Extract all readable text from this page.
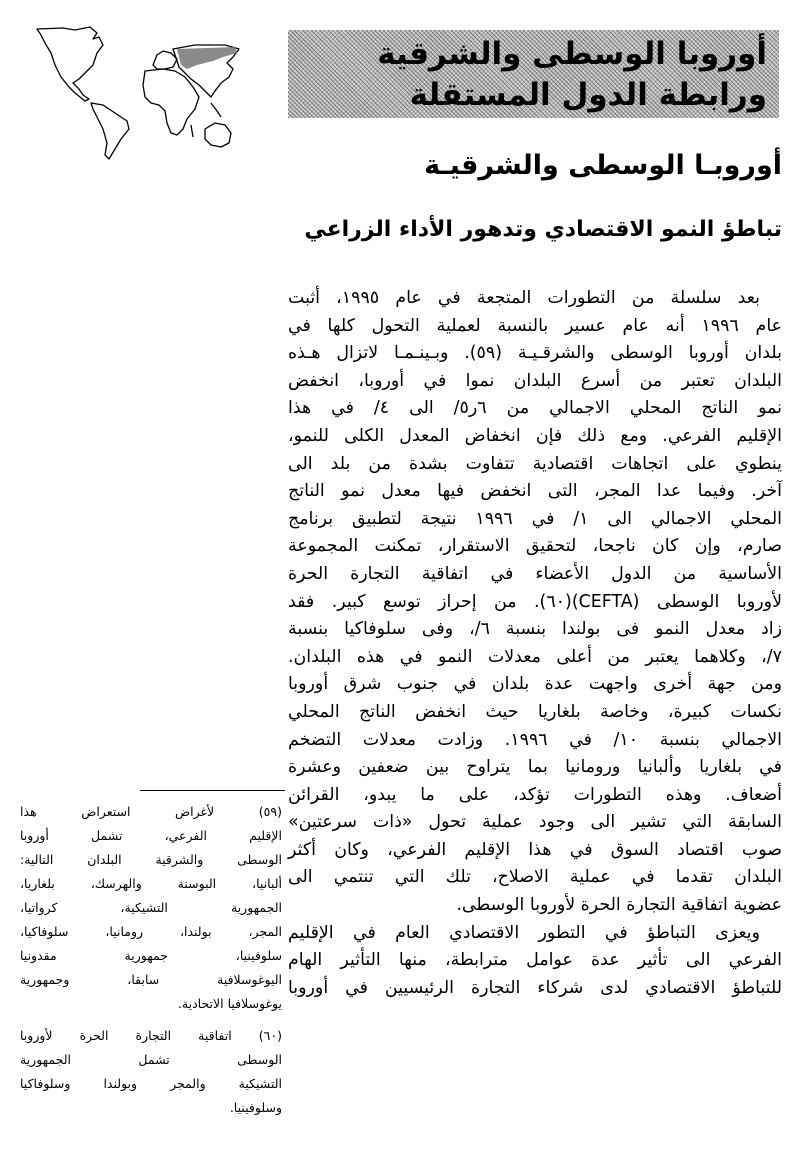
أوروبا الوسطى والشرقية
ورابطة الدول المستقلة
أوروبـا الوسطى والشرقيـة
تباطؤ النمو الاقتصادي وتدهور الأداء الزراعي
بعد سلسلة من التطورات المتجعة في عام ١٩٩٥، أثبت
عام ١٩٩٦ أنه عام عسير بالنسبة لعملية التحول كلها في
بلدان أوروبا الوسطى والشرقـيـة (٥٩). وبـينـمـا لاتزال هـذه
البلدان تعتبر من أسرع البلدان نموا في أوروبا، انخفض
نمو الناتج المحلي الاجمالي من ٦ر٥/ الى ٤/ في هذا
الإقليم الفرعي. ومع ذلك فإن انخفاض المعدل الكلى للنمو،
ينطوي على اتجاهات اقتصادية تتفاوت بشدة من بلد الى
آخر. وفيما عدا المجر، التى انخفض فيها معدل نمو الناتج
المحلي الاجمالي الى ١/ في ١٩٩٦ نتيجة لتطبيق برنامج
صارم، وإن كان ناجحا، لتحقيق الاستقرار، تمكنت المجموعة
الأساسية من الدول الأعضاء في اتفاقية التجارة الحرة
لأوروبا الوسطى (CEFTA)(٦٠). من إحراز توسع كبير. فقد
زاد معدل النمو فى بولندا بنسبة ٦/، وفى سلوفاكيا بنسبة
٧/، وكلاهما يعتبر من أعلى معدلات النمو في هذه البلدان.
ومن جهة أخرى واجهت عدة بلدان في جنوب شرق أوروبا
نكسات كبيرة، وخاصة بلغاريا حيث انخفض الناتج المحلي
الاجمالي بنسبة ١٠/ في ١٩٩٦. وزادت معدلات التضخم
في بلغاريا وألبانيا ورومانيا بما يتراوح بين ضعفين وعشرة
أضعاف. وهذه التطورات تؤكد، على ما يبدو، القرائن
السابقة التي تشير الى وجود عملية تحول «ذات سرعتين»
صوب اقتصاد السوق في هذا الإقليم الفرعي، وكان أكثر
البلدان تقدما في عملية الاصلاح، تلك التي تنتمي الى
عضوية اتفاقية التجارة الحرة لأوروبا الوسطى.
ويعزى التباطؤ في التطور الاقتصادي العام في الإقليم
الفرعي الى تأثير عدة عوامل مترابطة، منها التأثير الهام
للتباطؤ الاقتصادي لدى شركاء التجارة الرئيسيين في أوروبا
(٥٩) لأغراض استعراض هذا
الإقليم الفرعي، تشمل أوروبا
الوسطى والشرقية البلدان التالية:
ألبانيا، البوسنة والهرسك، بلغاريا،
الجمهورية التشيكية، كرواتيا،
المجر، بولندا، رومانيا، سلوفاكيا،
سلوفينيا، جمهورية مقدونيا
اليوغوسلافية سابقا، وجمهورية
يوغوسلافيا الاتحادية.
(٦٠) اتفاقية التجارة الحرة لأوروبا
الوسطى تشمل الجمهورية
التشيكية والمجر وبولندا وسلوفاكيا
وسلوفينيا.
